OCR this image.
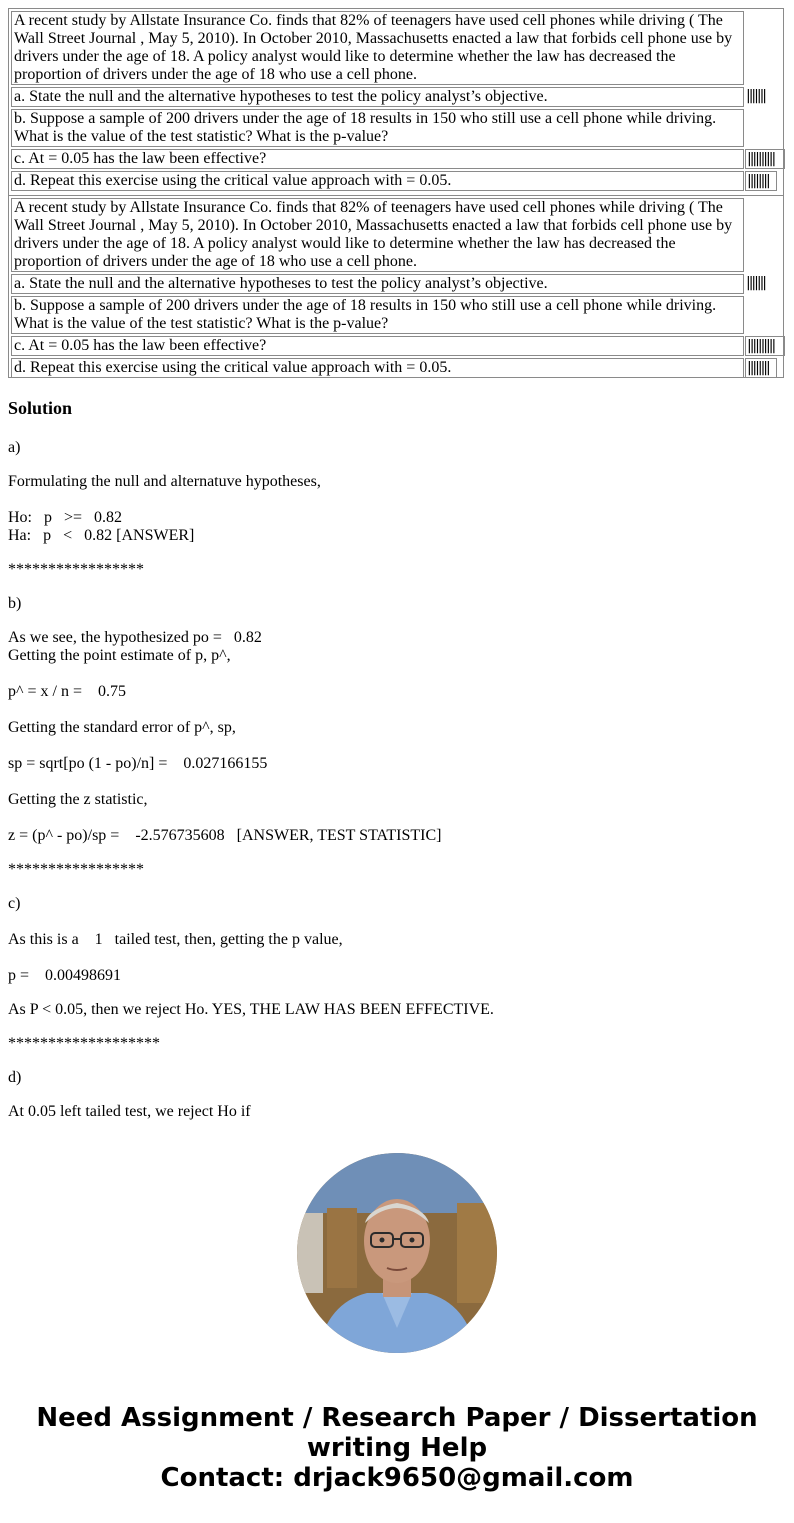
A recent study by Allstate Insurance Co. finds that 82% of teenagers have used cell phones while driving ( The Wall Street Journal , May 5, 2010). In October 2010, Massachusetts enacted a law that forbids cell phone use by drivers under the age of 18. A policy analyst would like to determine whether the law has decreased the proportion of drivers under the age of 18 who use a cell phone.
a. State the null and the alternative hypotheses to test the policy analyst’s objective.	|||||||
b. Suppose a sample of 200 drivers under the age of 18 results in 150 who still use a cell phone while driving. What is the value of the test statistic? What is the p-value?
c. At = 0.05 has the law been effective?	||||||||||
d. Repeat this exercise using the critical value approach with = 0.05.	||||||||
A recent study by Allstate Insurance Co. finds that 82% of teenagers have used cell phones while driving ( The Wall Street Journal , May 5, 2010). In October 2010, Massachusetts enacted a law that forbids cell phone use by drivers under the age of 18. A policy analyst would like to determine whether the law has decreased the proportion of drivers under the age of 18 who use a cell phone.
a. State the null and the alternative hypotheses to test the policy analyst’s objective.	|||||||
b. Suppose a sample of 200 drivers under the age of 18 results in 150 who still use a cell phone while driving. What is the value of the test statistic? What is the p-value?
c. At = 0.05 has the law been effective?	||||||||||
d. Repeat this exercise using the critical value approach with = 0.05.	||||||||
Solution
a)
Formulating the null and alternatuve hypotheses,
Ho:   p   >=   0.82
Ha:   p   <   0.82 [ANSWER]
*****************
b)
As we see, the hypothesized po =   0.82
Getting the point estimate of p, p^,
p^ = x / n =    0.75
Getting the standard error of p^, sp,
sp = sqrt[po (1 - po)/n] =    0.027166155
Getting the z statistic,
z = (p^ - po)/sp =    -2.576735608   [ANSWER, TEST STATISTIC]
*****************
c)
As this is a    1   tailed test, then, getting the p value,
p =    0.00498691
As P < 0.05, then we reject Ho. YES, THE LAW HAS BEEN EFFECTIVE.
*******************
d)
At 0.05 left tailed test, we reject Ho if
Need Assignment / Research Paper / Dissertation
writing Help
Contact: drjack9650@gmail.com
